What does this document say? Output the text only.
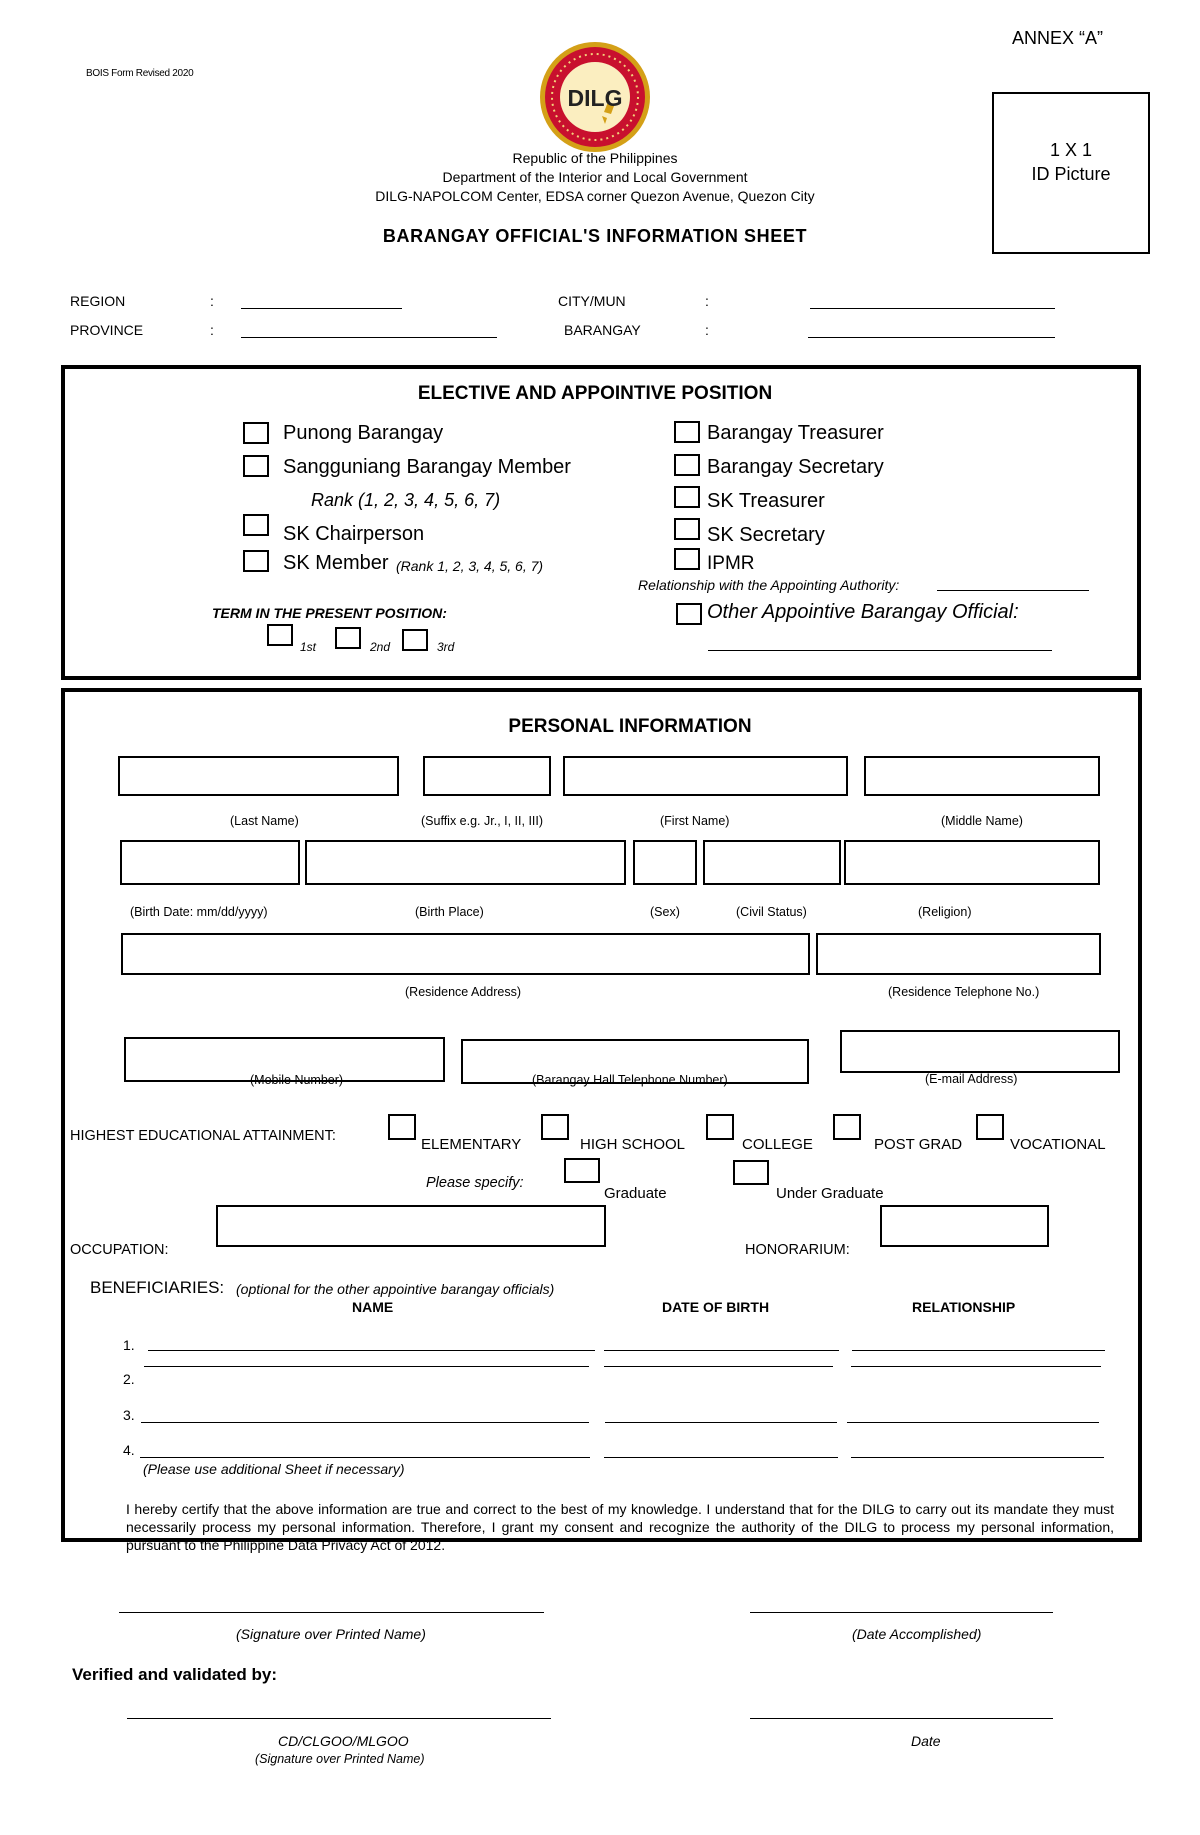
ANNEX “A”
BOIS Form Revised 2020
DILG
1 X 1
ID Picture
Republic of the Philippines
Department of the Interior and Local Government
DILG-NAPOLCOM Center, EDSA corner Quezon Avenue, Quezon City
BARANGAY OFFICIAL'S INFORMATION SHEET
REGION	:
PROVINCE	:
CITY/MUN	:
BARANGAY	:
ELECTIVE AND APPOINTIVE POSITION
Punong Barangay
Sangguniang Barangay Member
Rank (1, 2, 3, 4, 5, 6, 7)
SK Chairperson
SK Member (Rank 1, 2, 3, 4, 5, 6, 7)
Barangay Treasurer
Barangay Secretary
SK Treasurer
SK Secretary
IPMR
Relationship with the Appointing Authority:
Other Appointive Barangay Official:
TERM IN THE PRESENT POSITION:
1st	2nd	3rd
PERSONAL INFORMATION
(Last Name)	(Suffix e.g. Jr., I, II, III)	(First Name)	(Middle Name)
(Birth Date: mm/dd/yyyy)	(Birth Place)	(Sex)	(Civil Status)	(Religion)
(Residence Address)	(Residence Telephone No.)
(Mobile Number)	(Barangay Hall Telephone Number)	(E-mail Address)
HIGHEST EDUCATIONAL ATTAINMENT:	ELEMENTARY	HIGH SCHOOL	COLLEGE	POST GRAD	VOCATIONAL
Please specify:
Graduate	Under Graduate
OCCUPATION:	HONORARIUM:
BENEFICIARIES: (optional for the other appointive barangay officials)
NAME	DATE OF BIRTH	RELATIONSHIP
1.
2.
3.
4.
(Please use additional Sheet if necessary)
I hereby certify that the above information are true and correct to the best of my knowledge. I understand that for the DILG to carry out its mandate they must necessarily process my personal information. Therefore, I grant my consent and recognize the authority of the DILG to process my personal information, pursuant to the Philippine Data Privacy Act of 2012.
(Signature over Printed Name)	(Date Accomplished)
Verified and validated by:
CD/CLGOO/MLGOO
(Signature over Printed Name)
Date
